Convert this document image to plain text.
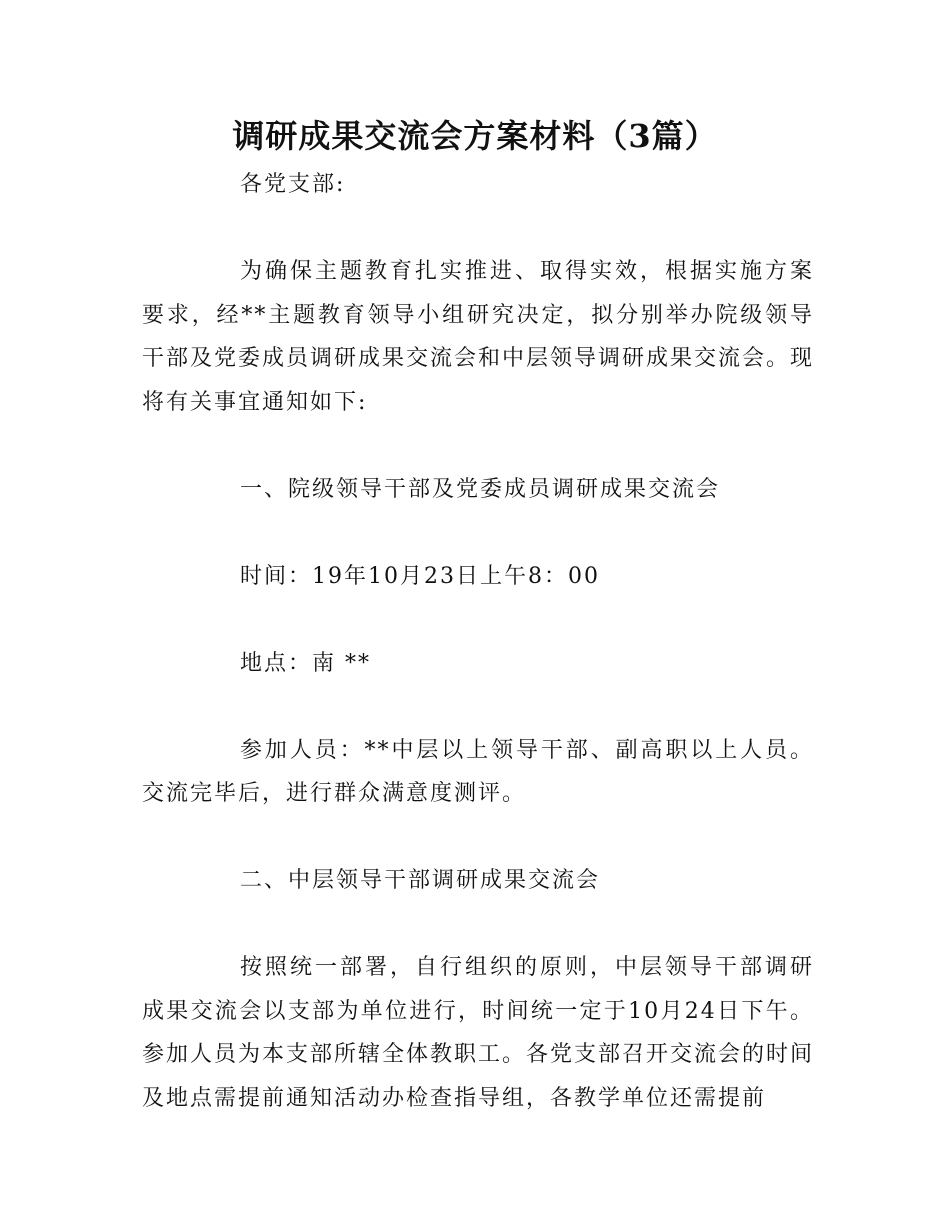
调研成果交流会方案材料（3篇）

各党支部:

为确保主题教育扎实推进、取得实效，根据实施方案要求，经**主题教育领导小组研究决定，拟分别举办院级领导干部及党委成员调研成果交流会和中层领导调研成果交流会。现将有关事宜通知如下:

一、院级领导干部及党委成员调研成果交流会

时间：19年10月23日上午8：00

地点：南 **

参加人员：**中层以上领导干部、副高职以上人员。交流完毕后，进行群众满意度测评。

二、中层领导干部调研成果交流会

按照统一部署，自行组织的原则，中层领导干部调研成果交流会以支部为单位进行，时间统一定于10月24日下午。参加人员为本支部所辖全体教职工。各党支部召开交流会的时间及地点需提前通知活动办检查指导组，各教学单位还需提前
